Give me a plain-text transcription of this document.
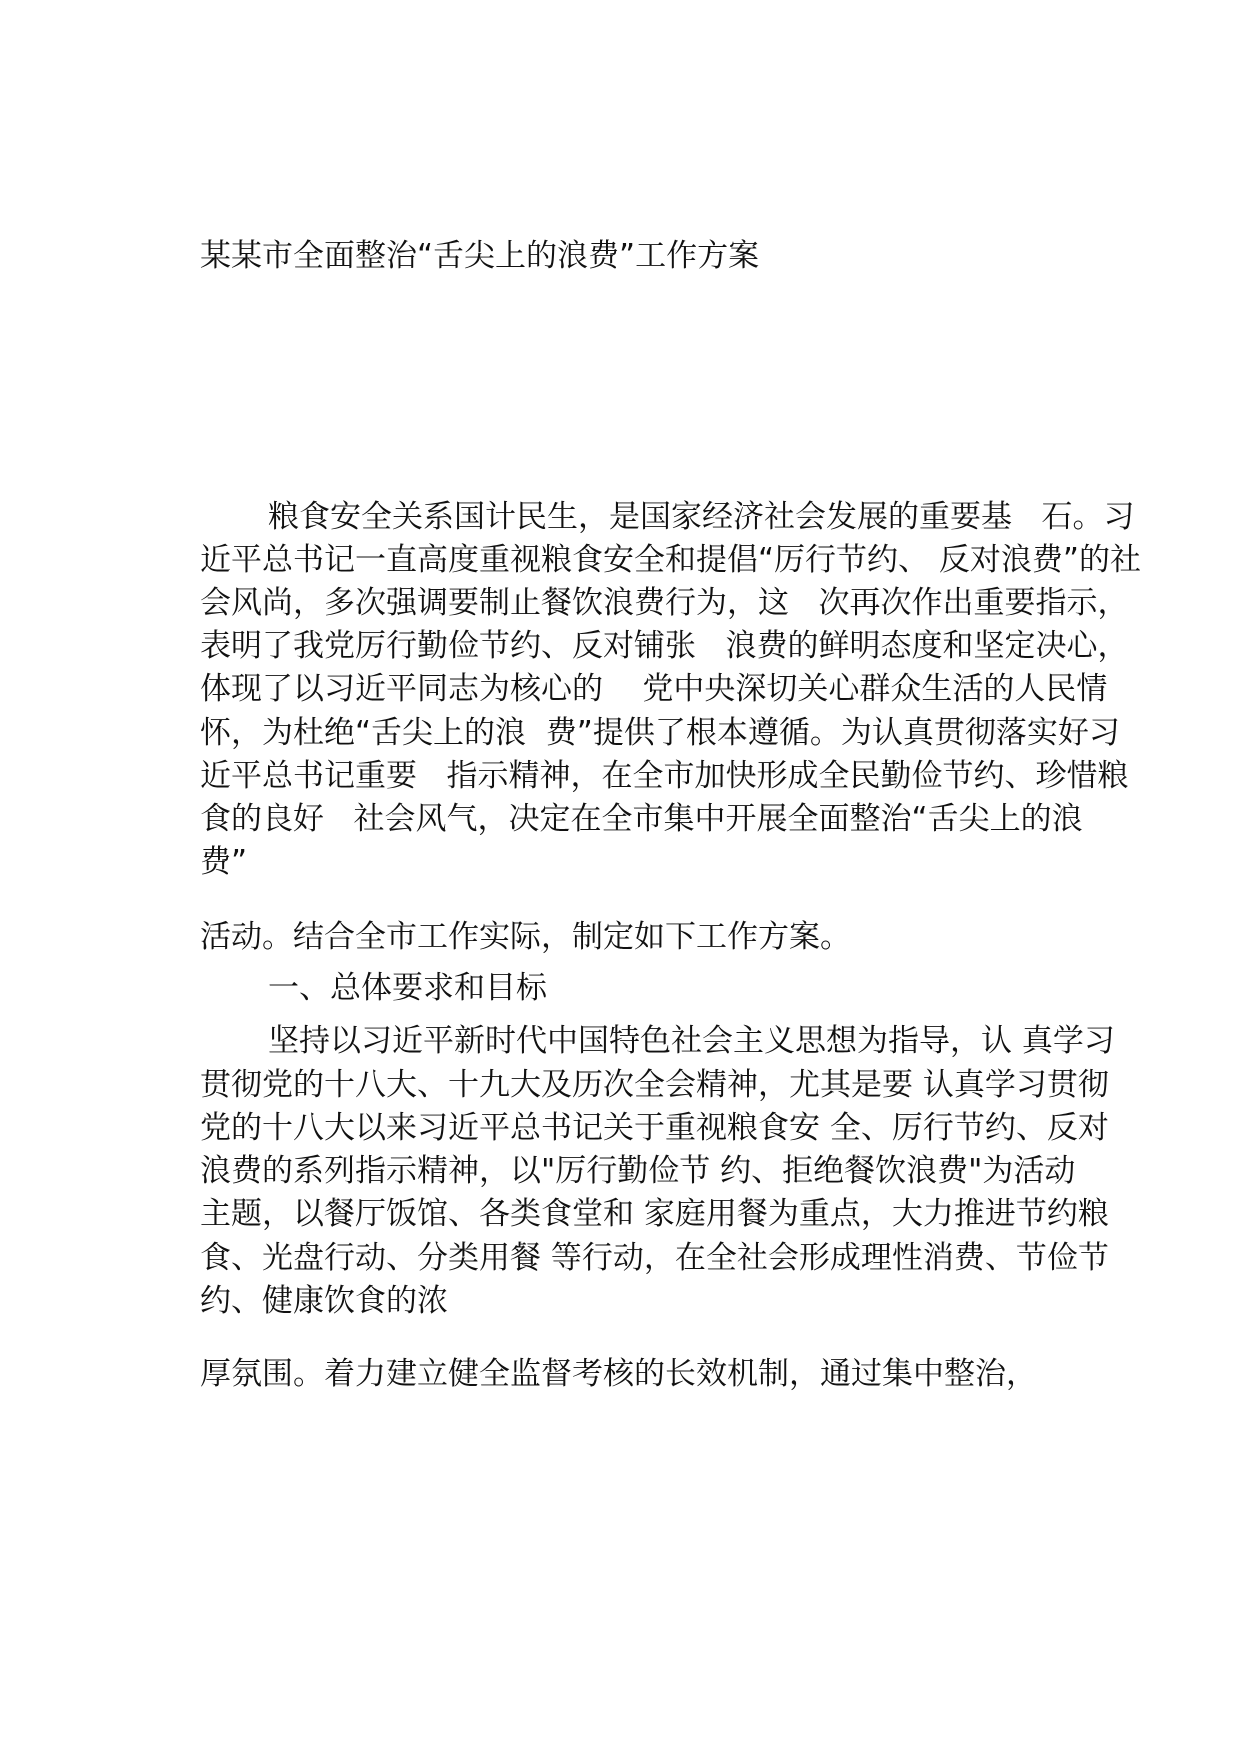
某某市全面整治“舌尖上的浪费”工作方案

粮食安全关系国计民生，是国家经济社会发展的重要基   石。习

近平总书记一直高度重视粮食安全和提倡“厉行节约、 反对浪费”的社

会风尚，多次强调要制止餐饮浪费行为，这   次再次作出重要指示，

表明了我党厉行勤俭节约、反对铺张   浪费的鲜明态度和坚定决心，

体现了以习近平同志为核心的    党中央深切关心群众生活的人民情

怀，为杜绝“舌尖上的浪  费”提供了根本遵循。为认真贯彻落实好习

近平总书记重要   指示精神，在全市加快形成全民勤俭节约、珍惜粮

食的良好   社会风气，决定在全市集中开展全面整治“舌尖上的浪

费”

活动。结合全市工作实际，制定如下工作方案。

一、总体要求和目标

坚持以习近平新时代中国特色社会主义思想为指导，认 真学习

贯彻党的十八大、十九大及历次全会精神，尤其是要 认真学习贯彻

党的十八大以来习近平总书记关于重视粮食安 全、厉行节约、反对

浪费的系列指示精神，以"厉行勤俭节 约、拒绝餐饮浪费"为活动

主题，以餐厅饭馆、各类食堂和 家庭用餐为重点，大力推进节约粮

食、光盘行动、分类用餐 等行动，在全社会形成理性消费、节俭节

约、健康饮食的浓

厚氛围。着力建立健全监督考核的长效机制，通过集中整治，
